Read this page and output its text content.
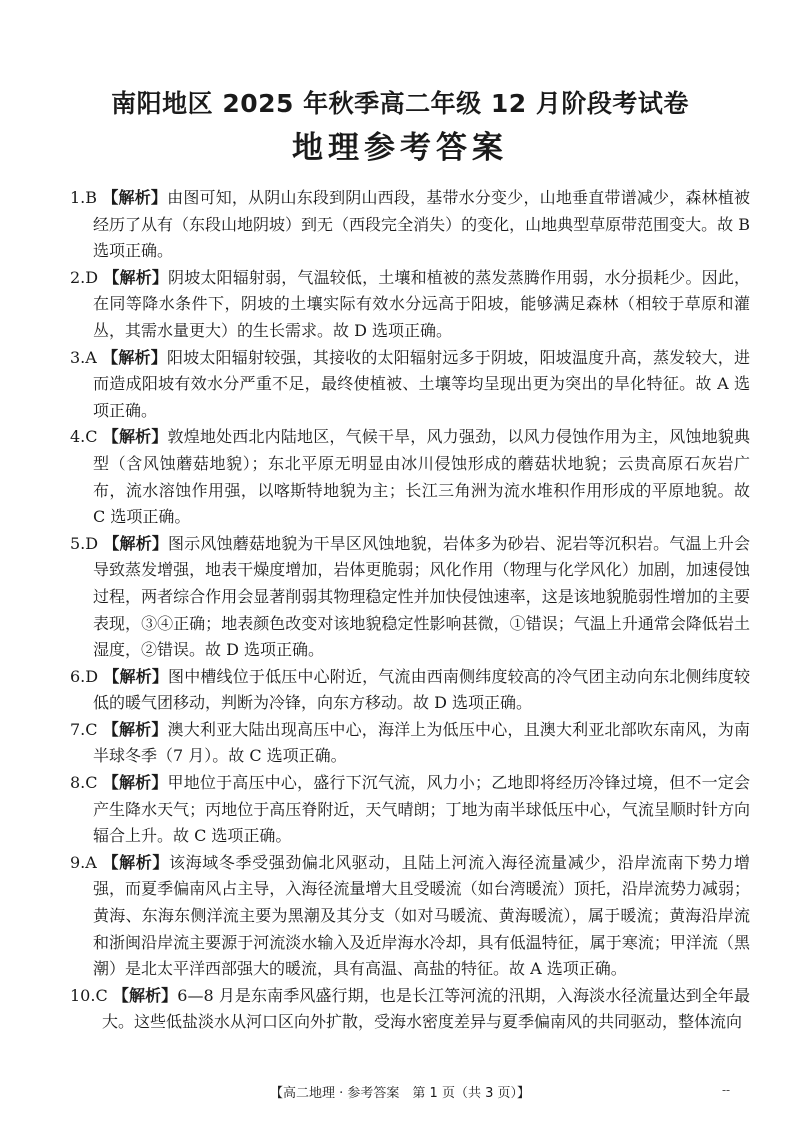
南阳地区 2025 年秋季高二年级 12 月阶段考试卷
地理参考答案

1.B 【解析】由图可知，从阴山东段到阴山西段，基带水分变少，山地垂直带谱减少，森林植被经历了从有（东段山地阴坡）到无（西段完全消失）的变化，山地典型草原带范围变大。故 B 选项正确。

2.D 【解析】阴坡太阳辐射弱，气温较低，土壤和植被的蒸发蒸腾作用弱，水分损耗少。因此，在同等降水条件下，阴坡的土壤实际有效水分远高于阳坡，能够满足森林（相较于草原和灌丛，其需水量更大）的生长需求。故 D 选项正确。

3.A 【解析】阳坡太阳辐射较强，其接收的太阳辐射远多于阴坡，阳坡温度升高，蒸发较大，进而造成阳坡有效水分严重不足，最终使植被、土壤等均呈现出更为突出的旱化特征。故 A 选项正确。

4.C 【解析】敦煌地处西北内陆地区，气候干旱，风力强劲，以风力侵蚀作用为主，风蚀地貌典型（含风蚀蘑菇地貌）；东北平原无明显由冰川侵蚀形成的蘑菇状地貌；云贵高原石灰岩广布，流水溶蚀作用强，以喀斯特地貌为主；长江三角洲为流水堆积作用形成的平原地貌。故 C 选项正确。

5.D 【解析】图示风蚀蘑菇地貌为干旱区风蚀地貌，岩体多为砂岩、泥岩等沉积岩。气温上升会导致蒸发增强，地表干燥度增加，岩体更脆弱；风化作用（物理与化学风化）加剧，加速侵蚀过程，两者综合作用会显著削弱其物理稳定性并加快侵蚀速率，这是该地貌脆弱性增加的主要表现，③④正确；地表颜色改变对该地貌稳定性影响甚微，①错误；气温上升通常会降低岩土湿度，②错误。故 D 选项正确。

6.D 【解析】图中槽线位于低压中心附近，气流由西南侧纬度较高的冷气团主动向东北侧纬度较低的暖气团移动，判断为冷锋，向东方移动。故 D 选项正确。

7.C 【解析】澳大利亚大陆出现高压中心，海洋上为低压中心，且澳大利亚北部吹东南风，为南半球冬季（7 月）。故 C 选项正确。

8.C 【解析】甲地位于高压中心，盛行下沉气流，风力小；乙地即将经历冷锋过境，但不一定会产生降水天气；丙地位于高压脊附近，天气晴朗；丁地为南半球低压中心，气流呈顺时针方向辐合上升。故 C 选项正确。

9.A 【解析】该海域冬季受强劲偏北风驱动，且陆上河流入海径流量减少，沿岸流南下势力增强，而夏季偏南风占主导，入海径流量增大且受暖流（如台湾暖流）顶托，沿岸流势力减弱；黄海、东海东侧洋流主要为黑潮及其分支（如对马暖流、黄海暖流），属于暖流；黄海沿岸流和浙闽沿岸流主要源于河流淡水输入及近岸海水冷却，具有低温特征，属于寒流；甲洋流（黑潮）是北太平洋西部强大的暖流，具有高温、高盐的特征。故 A 选项正确。

10.C 【解析】6—8 月是东南季风盛行期，也是长江等河流的汛期，入海淡水径流量达到全年最大。这些低盐淡水从河口区向外扩散，受海水密度差异与夏季偏南风的共同驱动，整体流向

【高二地理 · 参考答案　第 1 页（共 3 页）】	--
